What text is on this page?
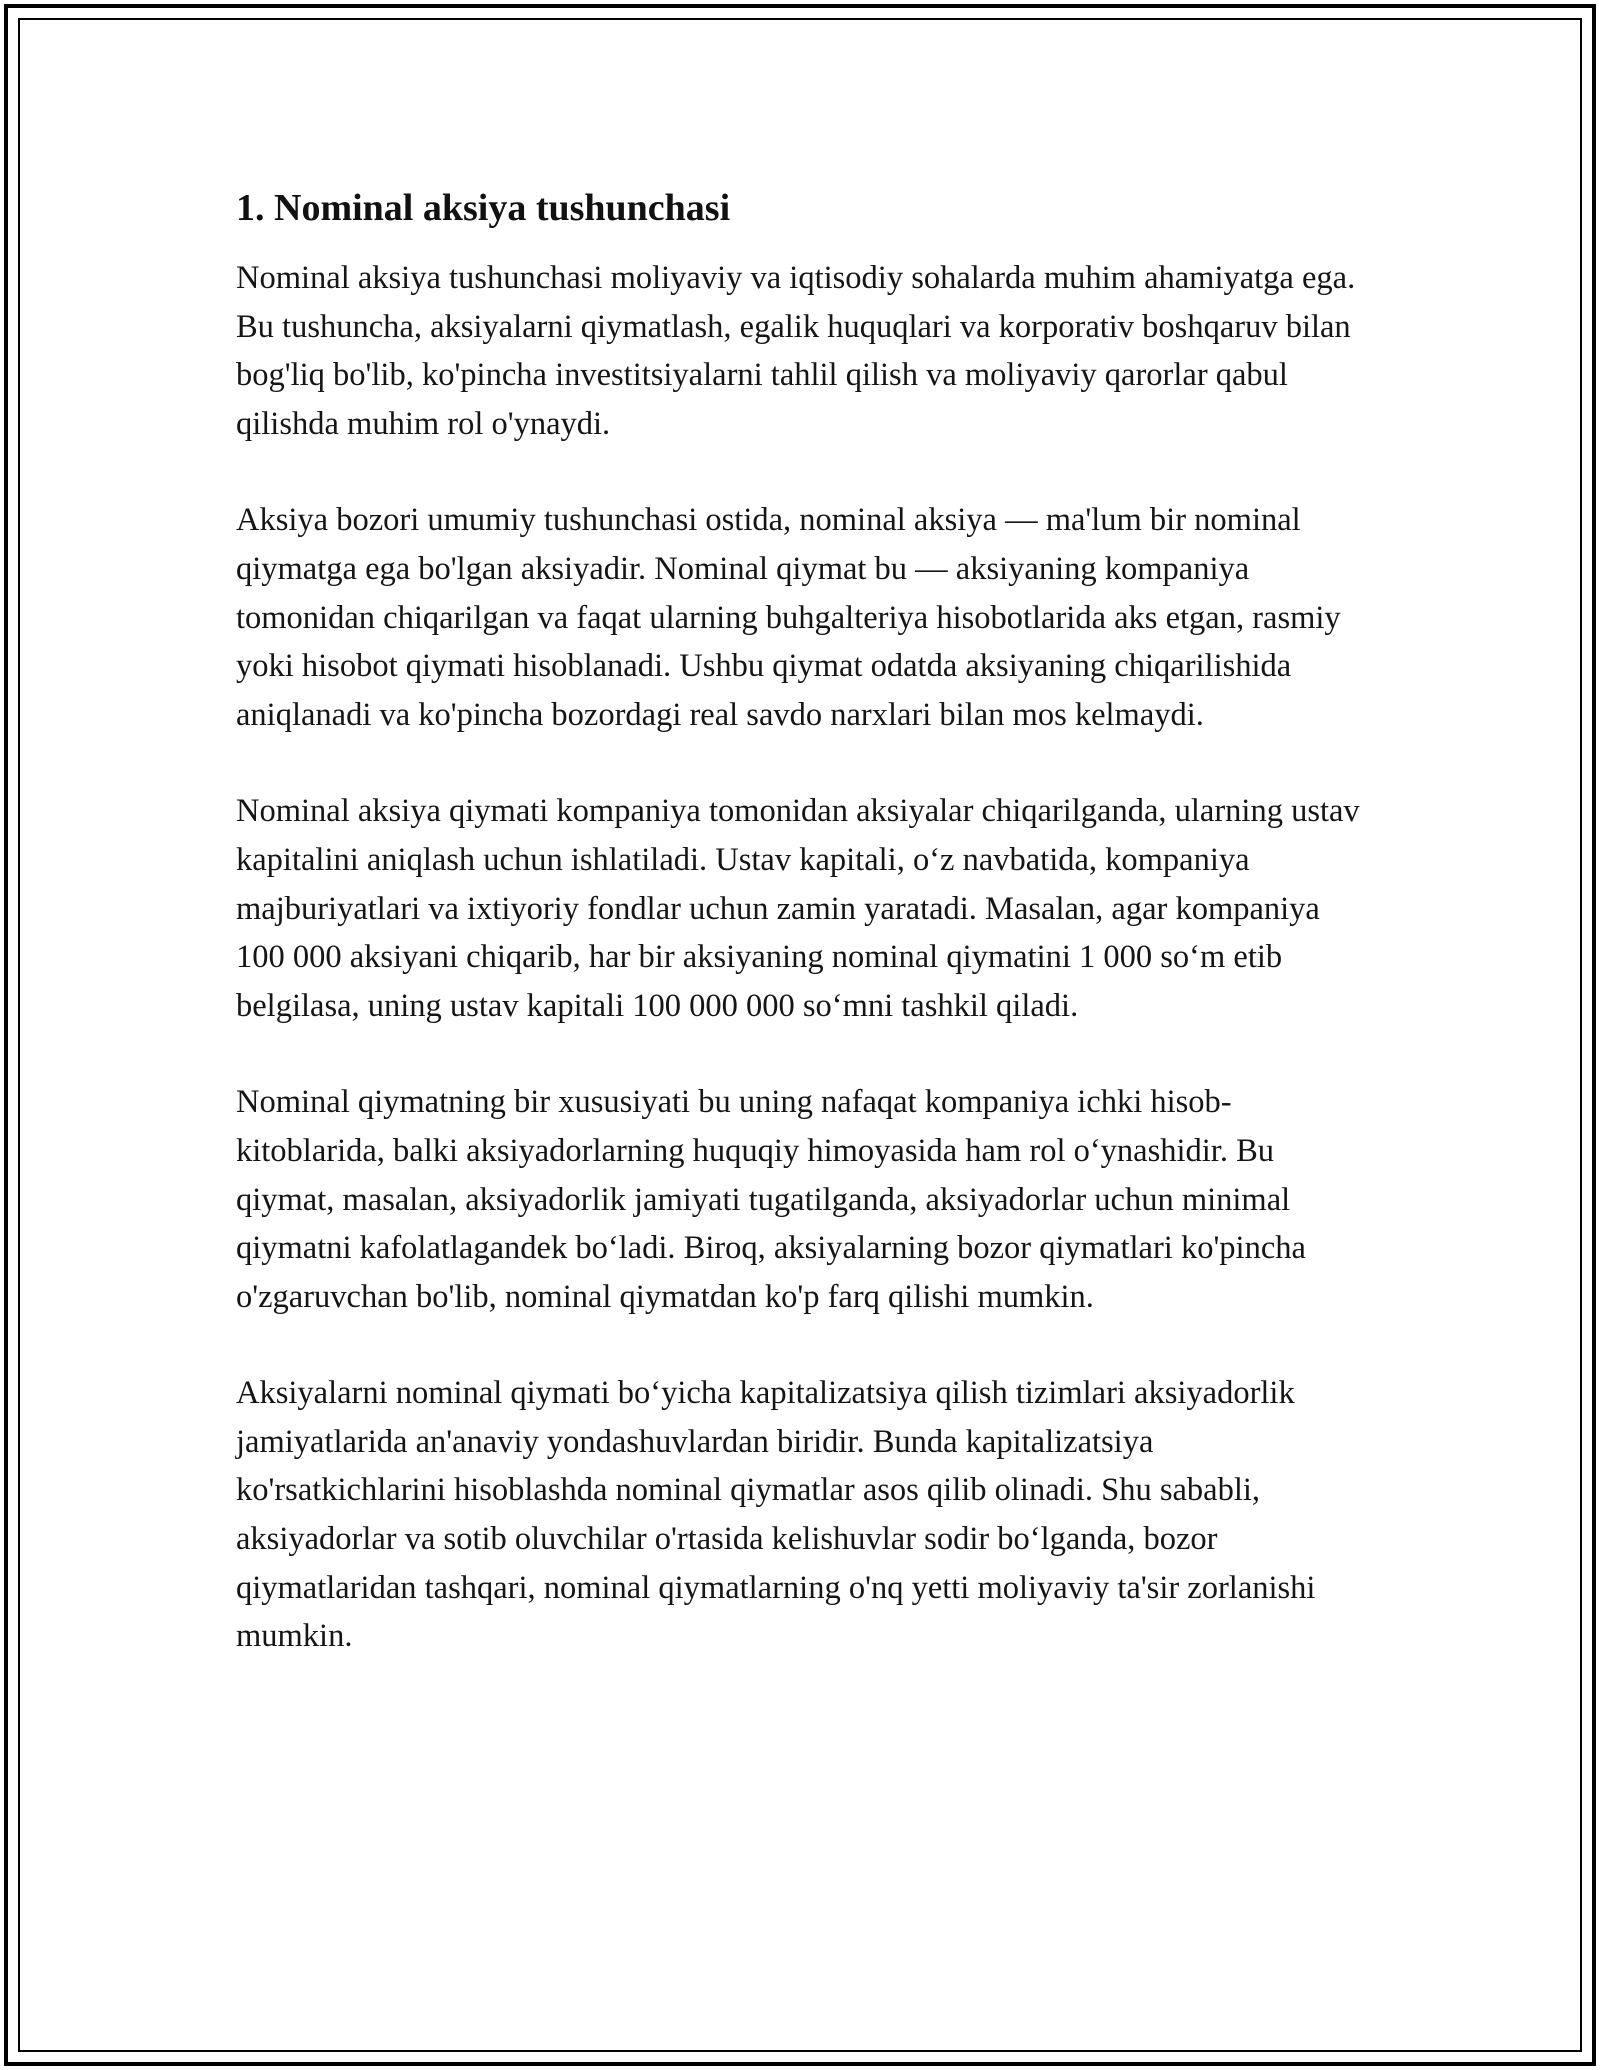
1. Nominal aksiya tushunchasi

Nominal aksiya tushunchasi moliyaviy va iqtisodiy sohalarda muhim ahamiyatga ega. Bu tushuncha, aksiyalarni qiymatlash, egalik huquqlari va korporativ boshqaruv bilan bog'liq bo'lib, ko'pincha investitsiyalarni tahlil qilish va moliyaviy qarorlar qabul qilishda muhim rol o'ynaydi.

Aksiya bozori umumiy tushunchasi ostida, nominal aksiya — ma'lum bir nominal qiymatga ega bo'lgan aksiyadir. Nominal qiymat bu — aksiyaning kompaniya tomonidan chiqarilgan va faqat ularning buhgalteriya hisobotlarida aks etgan, rasmiy yoki hisobot qiymati hisoblanadi. Ushbu qiymat odatda aksiyaning chiqarilishida aniqlanadi va ko'pincha bozordagi real savdo narxlari bilan mos kelmaydi.

Nominal aksiya qiymati kompaniya tomonidan aksiyalar chiqarilganda, ularning ustav kapitalini aniqlash uchun ishlatiladi. Ustav kapitali, o‘z navbatida, kompaniya majburiyatlari va ixtiyoriy fondlar uchun zamin yaratadi. Masalan, agar kompaniya 100 000 aksiyani chiqarib, har bir aksiyaning nominal qiymatini 1 000 so‘m etib belgilasa, uning ustav kapitali 100 000 000 so‘mni tashkil qiladi.

Nominal qiymatning bir xususiyati bu uning nafaqat kompaniya ichki hisob-kitoblarida, balki aksiyadorlarning huquqiy himoyasida ham rol o‘ynashidir. Bu qiymat, masalan, aksiyadorlik jamiyati tugatilganda, aksiyadorlar uchun minimal qiymatni kafolatlagandek bo‘ladi. Biroq, aksiyalarning bozor qiymatlari ko'pincha o'zgaruvchan bo'lib, nominal qiymatdan ko'p farq qilishi mumkin.

Aksiyalarni nominal qiymati bo‘yicha kapitalizatsiya qilish tizimlari aksiyadorlik jamiyatlarida an'anaviy yondashuvlardan biridir. Bunda kapitalizatsiya ko'rsatkichlarini hisoblashda nominal qiymatlar asos qilib olinadi. Shu sababli, aksiyadorlar va sotib oluvchilar o'rtasida kelishuvlar sodir bo‘lganda, bozor qiymatlaridan tashqari, nominal qiymatlarning o'nq yetti moliyaviy ta'sir zorlanishi mumkin.
